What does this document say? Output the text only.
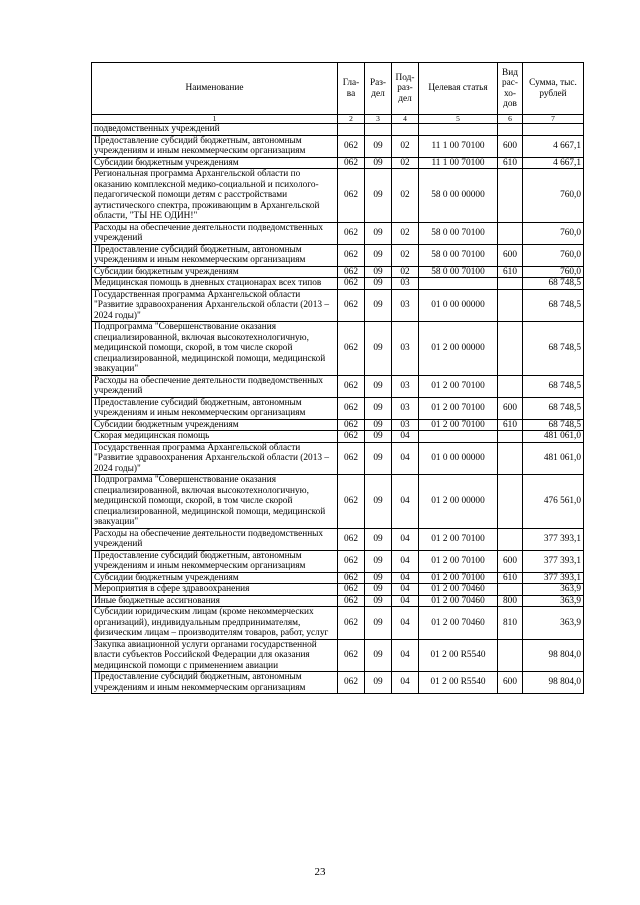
Наименование	Гла- ва	Раз- дел	Под- раз- дел	Целевая статья	Вид рас- хо- дов	Сумма, тыс. рублей
1	2	3	4	5	6	7
подведомственных учреждений						
Предоставление субсидий бюджетным, автономным учреждениям и иным некоммерческим организациям	062	09	02	11 1 00 70100	600	4 667,1
Субсидии бюджетным учреждениям	062	09	02	11 1 00 70100	610	4 667,1
Региональная программа Архангельской области по оказанию комплексной медико-социальной и психолого-педагогической помощи детям с расстройствами аутистического спектра, проживающим в Архангельской области, "ТЫ НЕ ОДИН!"	062	09	02	58 0 00 00000		760,0
Расходы на обеспечение деятельности подведомственных учреждений	062	09	02	58 0 00 70100		760,0
Предоставление субсидий бюджетным, автономным учреждениям и иным некоммерческим организациям	062	09	02	58 0 00 70100	600	760,0
Субсидии бюджетным учреждениям	062	09	02	58 0 00 70100	610	760,0
Медицинская помощь в дневных стационарах всех типов	062	09	03			68 748,5
Государственная программа Архангельской области "Развитие здравоохранения Архангельской области (2013 – 2024 годы)"	062	09	03	01 0 00 00000		68 748,5
Подпрограмма "Совершенствование оказания специализированной, включая высокотехнологичную, медицинской помощи, скорой, в том числе скорой специализированной, медицинской помощи, медицинской эвакуации"	062	09	03	01 2 00 00000		68 748,5
Расходы на обеспечение деятельности подведомственных учреждений	062	09	03	01 2 00 70100		68 748,5
Предоставление субсидий бюджетным, автономным учреждениям и иным некоммерческим организациям	062	09	03	01 2 00 70100	600	68 748,5
Субсидии бюджетным учреждениям	062	09	03	01 2 00 70100	610	68 748,5
Скорая медицинская помощь	062	09	04			481 061,0
Государственная программа Архангельской области "Развитие здравоохранения Архангельской области (2013 – 2024 годы)"	062	09	04	01 0 00 00000		481 061,0
Подпрограмма "Совершенствование оказания специализированной, включая высокотехнологичную, медицинской помощи, скорой, в том числе скорой специализированной, медицинской помощи, медицинской эвакуации"	062	09	04	01 2 00 00000		476 561,0
Расходы на обеспечение деятельности подведомственных учреждений	062	09	04	01 2 00 70100		377 393,1
Предоставление субсидий бюджетным, автономным учреждениям и иным некоммерческим организациям	062	09	04	01 2 00 70100	600	377 393,1
Субсидии бюджетным учреждениям	062	09	04	01 2 00 70100	610	377 393,1
Мероприятия в сфере здравоохранения	062	09	04	01 2 00 70460		363,9
Иные бюджетные ассигнования	062	09	04	01 2 00 70460	800	363,9
Субсидии юридическим лицам (кроме некоммерческих организаций), индивидуальным предпринимателям, физическим лицам – производителям товаров, работ, услуг	062	09	04	01 2 00 70460	810	363,9
Закупка авиационной услуги органами государственной власти субъектов Российской Федерации для оказания медицинской помощи с применением авиации	062	09	04	01 2 00 R5540		98 804,0
Предоставление субсидий бюджетным, автономным учреждениям и иным некоммерческим организациям	062	09	04	01 2 00 R5540	600	98 804,0
23
